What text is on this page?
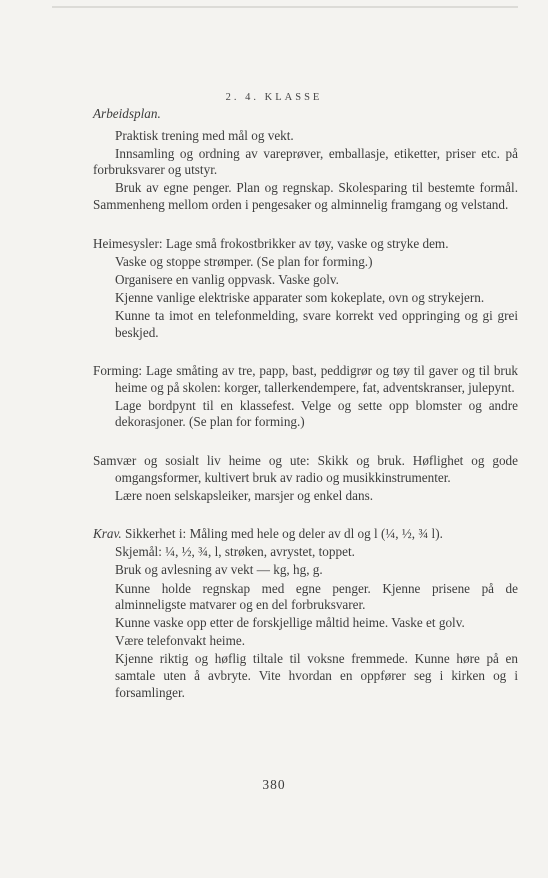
2. 4. KLASSE

Arbeidsplan.

Praktisk trening med mål og vekt.

Innsamling og ordning av vareprøver, emballasje, etiketter, priser etc. på forbruksvarer og utstyr.

Bruk av egne penger. Plan og regnskap. Skolesparing til bestemte formål. Sammenheng mellom orden i pengesaker og alminnelig framgang og velstand.

Heimesysler: Lage små frokostbrikker av tøy, vaske og stryke dem.

Vaske og stoppe strømper. (Se plan for forming.)

Organisere en vanlig oppvask. Vaske golv.

Kjenne vanlige elektriske apparater som kokeplate, ovn og strykejern.

Kunne ta imot en telefonmelding, svare korrekt ved oppringing og gi grei beskjed.

Forming: Lage småting av tre, papp, bast, peddigrør og tøy til gaver og til bruk heime og på skolen: korger, tallerkendempere, fat, adventskranser, julepynt.

Lage bordpynt til en klassefest. Velge og sette opp blomster og andre dekorasjoner. (Se plan for forming.)

Samvær og sosialt liv heime og ute: Skikk og bruk. Høflighet og gode omgangsformer, kultivert bruk av radio og musikkinstrumenter.

Lære noen selskapsleiker, marsjer og enkel dans.

Krav. Sikkerhet i: Måling med hele og deler av dl og l (¼, ½, ¾ l).

Skjemål: ¼, ½, ¾, l, strøken, avrystet, toppet.

Bruk og avlesning av vekt — kg, hg, g.

Kunne holde regnskap med egne penger. Kjenne prisene på de alminneligste matvarer og en del forbruksvarer.

Kunne vaske opp etter de forskjellige måltid heime. Vaske et golv.

Være telefonvakt heime.

Kjenne riktig og høflig tiltale til voksne fremmede. Kunne høre på en samtale uten å avbryte. Vite hvordan en oppfører seg i kirken og i forsamlinger.

380
